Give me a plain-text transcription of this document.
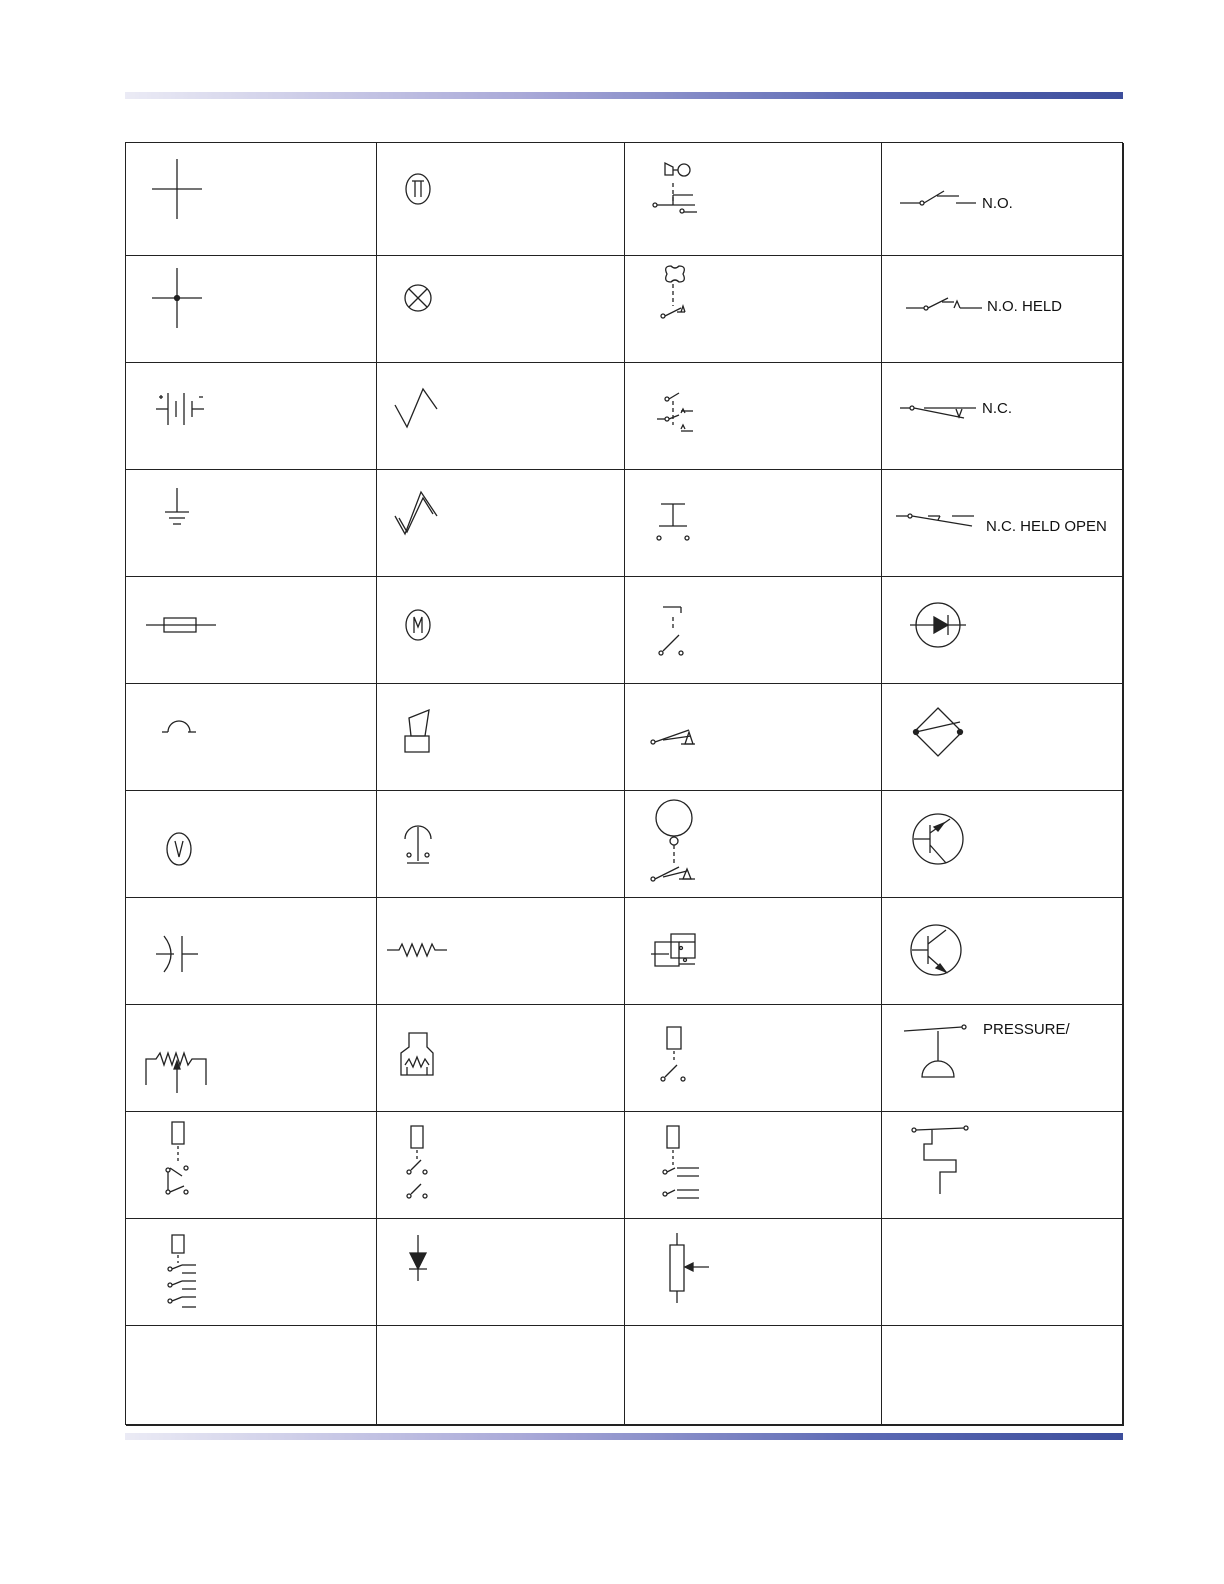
N.O.
N.O. HELD
N.C.
N.C. HELD OPEN
PRESSURE/
